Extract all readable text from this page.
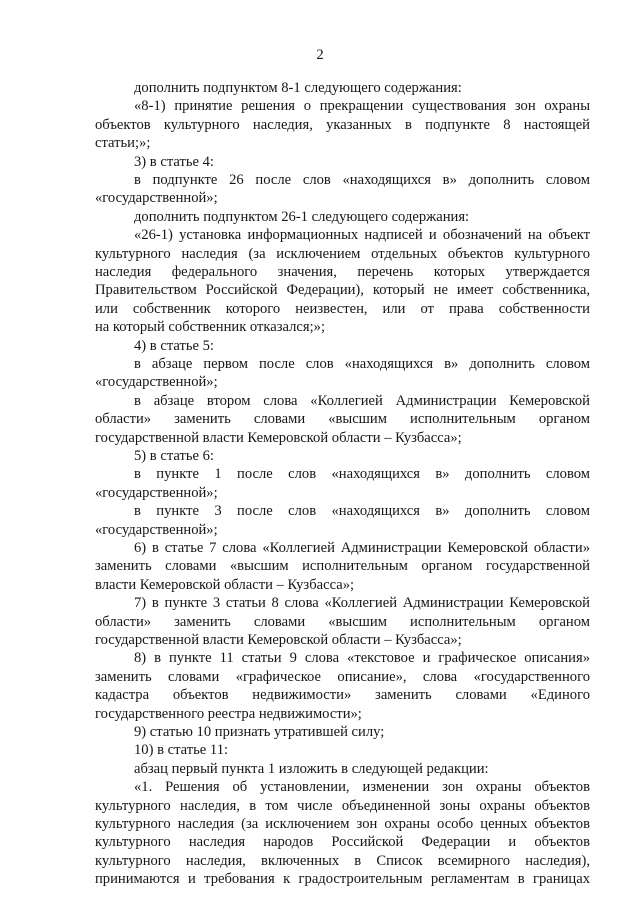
2
дополнить подпунктом 8-1 следующего содержания:
«8-1) принятие решения о прекращении существования зон охраны
объектов культурного наследия, указанных в подпункте 8 настоящей
статьи;»;
3) в статье 4:
в подпункте 26 после слов «находящихся в» дополнить словом
«государственной»;
дополнить подпунктом 26-1 следующего содержания:
«26-1) установка информационных надписей и обозначений на объект
культурного наследия (за исключением отдельных объектов культурного
наследия федерального значения, перечень которых утверждается
Правительством Российской Федерации), который не имеет собственника,
или собственник которого неизвестен, или от права собственности
на который собственник отказался;»;
4) в статье 5:
в абзаце первом после слов «находящихся в» дополнить словом
«государственной»;
в абзаце втором слова «Коллегией Администрации Кемеровской
области» заменить словами «высшим исполнительным органом
государственной власти Кемеровской области – Кузбасса»;
5) в статье 6:
в пункте 1 после слов «находящихся в» дополнить словом
«государственной»;
в пункте 3 после слов «находящихся в» дополнить словом
«государственной»;
6) в статье 7 слова «Коллегией Администрации Кемеровской области»
заменить словами «высшим исполнительным органом государственной
власти Кемеровской области – Кузбасса»;
7) в пункте 3 статьи 8 слова «Коллегией Администрации Кемеровской
области» заменить словами «высшим исполнительным органом
государственной власти Кемеровской области – Кузбасса»;
8) в пункте 11 статьи 9 слова «текстовое и графическое описания»
заменить словами «графическое описание», слова «государственного
кадастра объектов недвижимости» заменить словами «Единого
государственного реестра недвижимости»;
9) статью 10 признать утратившей силу;
10) в статье 11:
абзац первый пункта 1 изложить в следующей редакции:
«1. Решения об установлении, изменении зон охраны объектов
культурного наследия, в том числе объединенной зоны охраны объектов
культурного наследия (за исключением зон охраны особо ценных объектов
культурного наследия народов Российской Федерации и объектов
культурного наследия, включенных в Список всемирного наследия),
принимаются и требования к градостроительным регламентам в границах
